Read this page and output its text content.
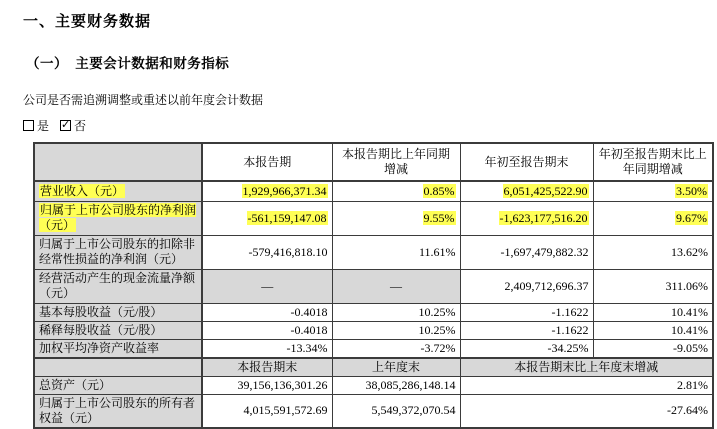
一、主要财务数据
（一）　主要会计数据和财务指标
公司是否需追溯调整或重述以前年度会计数据
是 ✓ 否
	本报告期	本报告期比上年同期增减	年初至报告期末	年初至报告期末比上年同期增减
营业收入（元）	1,929,966,371.34	0.85%	6,051,425,522.90	3.50%
归属于上市公司股东的净利润（元）	-561,159,147.08	9.55%	-1,623,177,516.20	9.67%
归属于上市公司股东的扣除非经常性损益的净利润（元）	-579,416,818.10	11.61%	-1,697,479,882.32	13.62%
经营活动产生的现金流量净额（元）	—	—	2,409,712,696.37	311.06%
基本每股收益（元/股）	-0.4018	10.25%	-1.1622	10.41%
稀释每股收益（元/股）	-0.4018	10.25%	-1.1622	10.41%
加权平均净资产收益率	-13.34%	-3.72%	-34.25%	-9.05%
	本报告期末	上年度末	本报告期末比上年度末增减	
总资产（元）	39,156,136,301.26	38,085,286,148.14	2.81%	
归属于上市公司股东的所有者权益（元）	4,015,591,572.69	5,549,372,070.54	-27.64%	
